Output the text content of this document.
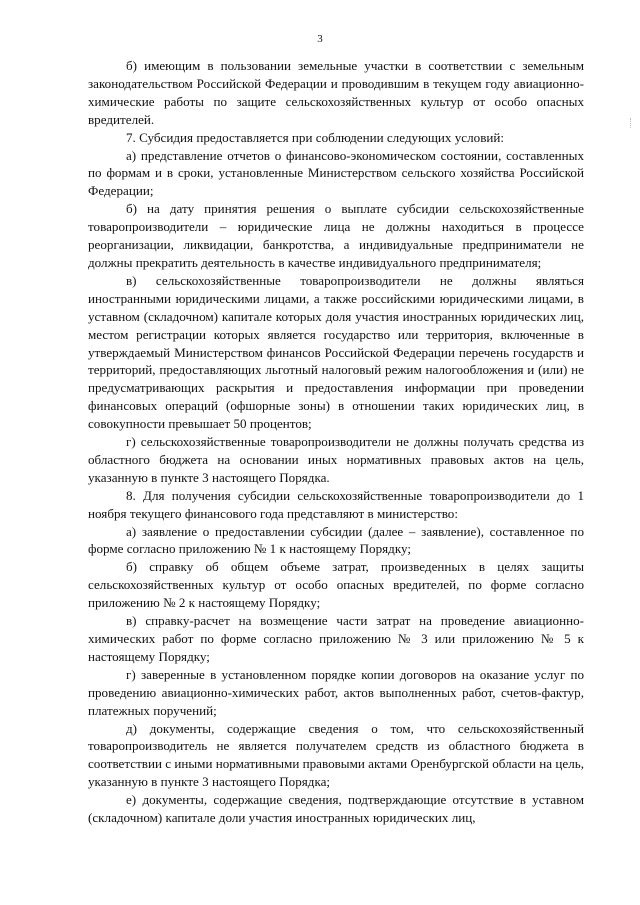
3

б) имеющим в пользовании земельные участки в соответствии с земельным законодательством Российской Федерации и проводившим в текущем году авиационно-химические работы по защите сельскохозяйственных культур от особо опасных вредителей.

7. Субсидия предоставляется при соблюдении следующих условий:

а) представление отчетов о финансово-экономическом состоянии, составленных по формам и в сроки, установленные Министерством сельского хозяйства Российской Федерации;

б) на дату принятия решения о выплате субсидии сельскохозяйственные товаропроизводители – юридические лица не должны находиться в процессе реорганизации, ликвидации, банкротства, а индивидуальные предприниматели не должны прекратить деятельность в качестве индивидуального предпринимателя;

в) сельскохозяйственные товаропроизводители не должны являться иностранными юридическими лицами, а также российскими юридическими лицами, в уставном (складочном) капитале которых доля участия иностранных юридических лиц, местом регистрации которых является государство или территория, включенные в утверждаемый Министерством финансов Российской Федерации перечень государств и территорий, предоставляющих льготный налоговый режим налогообложения и (или) не предусматривающих раскрытия и предоставления информации при проведении финансовых операций (офшорные зоны) в отношении таких юридических лиц, в совокупности превышает 50 процентов;

г) сельскохозяйственные товаропроизводители не должны получать средства из областного бюджета на основании иных нормативных правовых актов на цель, указанную в пункте 3 настоящего Порядка.

8. Для получения субсидии сельскохозяйственные товаропроизводители до 1 ноября текущего финансового года представляют в министерство:

а) заявление о предоставлении субсидии (далее – заявление), составленное по форме согласно приложению № 1 к настоящему Порядку;

б) справку об общем объеме затрат, произведенных в целях защиты сельскохозяйственных культур от особо опасных вредителей, по форме согласно приложению № 2 к настоящему Порядку;

в) справку-расчет на возмещение части затрат на проведение авиационно-химических работ по форме согласно приложению № 3 или приложению № 5 к настоящему Порядку;

г) заверенные в установленном порядке копии договоров на оказание услуг по проведению авиационно-химических работ, актов выполненных работ, счетов-фактур, платежных поручений;

д) документы, содержащие сведения о том, что сельскохозяйственный товаропроизводитель не является получателем средств из областного бюджета в соответствии с иными нормативными правовыми актами Оренбургской области на цель, указанную в пункте 3 настоящего Порядка;

е) документы, содержащие сведения, подтверждающие отсутствие в уставном (складочном) капитале доли участия иностранных юридических лиц,
